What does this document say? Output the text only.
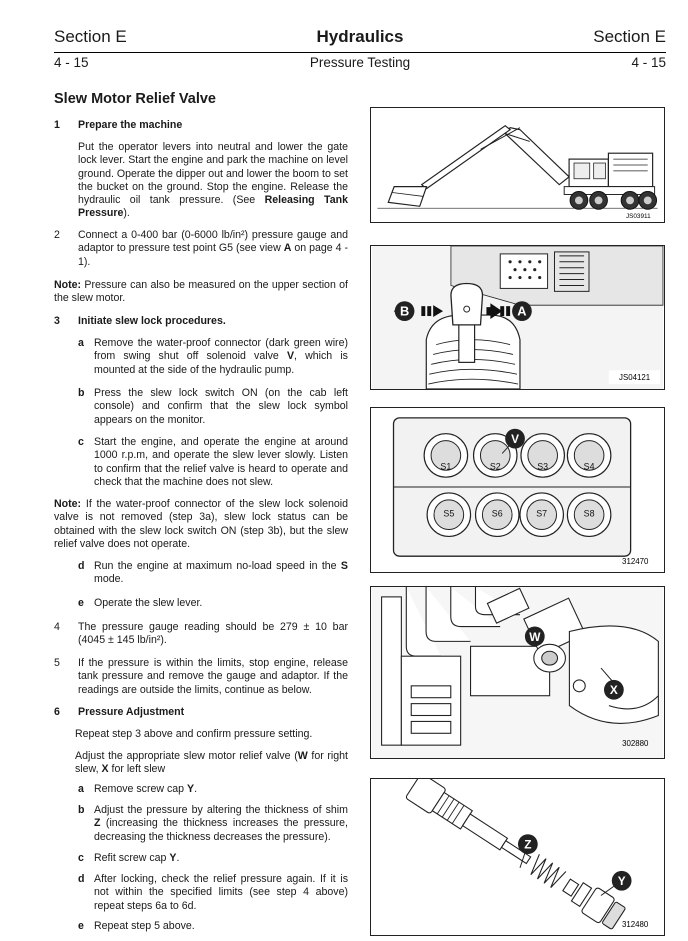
Section E	Hydraulics	Section E
4 - 15	Pressure Testing	4 - 15
Slew Motor Relief Valve
1 Prepare the machine
Put the operator levers into neutral and lower the gate lock lever. Start the engine and park the machine on level ground. Operate the dipper out and lower the boom to set the bucket on the ground. Stop the engine. Release the hydraulic oil tank pressure. (See Releasing Tank Pressure).
2 Connect a 0-400 bar (0-6000 lb/in²) pressure gauge and adaptor to pressure test point G5 (see view A on page 4 - 1).
Note: Pressure can also be measured on the upper section of the slew motor.
3 Initiate slew lock procedures.
a Remove the water-proof connector (dark green wire) from swing shut off solenoid valve V, which is mounted at the side of the hydraulic pump.
b Press the slew lock switch ON (on the cab left console) and confirm that the slew lock symbol appears on the monitor.
c Start the engine, and operate the engine at around 1000 r.p.m, and operate the slew lever slowly. Listen to confirm that the relief valve is heard to operate and check that the machine does not slew.
Note: If the water-proof connector of the slew lock solenoid valve is not removed (step 3a), slew lock status can be obtained with the slew lock switch ON (step 3b), but the slew relief valve does not operate.
d Run the engine at maximum no-load speed in the S mode.
e Operate the slew lever.
4 The pressure gauge reading should be 279 ± 10 bar (4045 ± 145 lb/in²).
5 If the pressure is within the limits, stop engine, release tank pressure and remove the gauge and adaptor. If the readings are outside the limits, continue as below.
6 Pressure Adjustment
Repeat step 3 above and confirm pressure setting.
Adjust the appropriate slew motor relief valve (W for right slew, X for left slew
a Remove screw cap Y.
b Adjust the pressure by altering the thickness of shim Z (increasing the thickness increases the pressure, decreasing the thickness decreases the pressure).
c Refit screw cap Y.
d After locking, check the relief pressure again. If it is not within the specified limits (see step 4 above) repeat steps 6a to 6d.
e Repeat step 5 above.
JS03911
B	A
JS04121
S1	S2	S3	S4
S5	S6	S7	S8
V
312470
W
X
302880
Z
Y
312480
